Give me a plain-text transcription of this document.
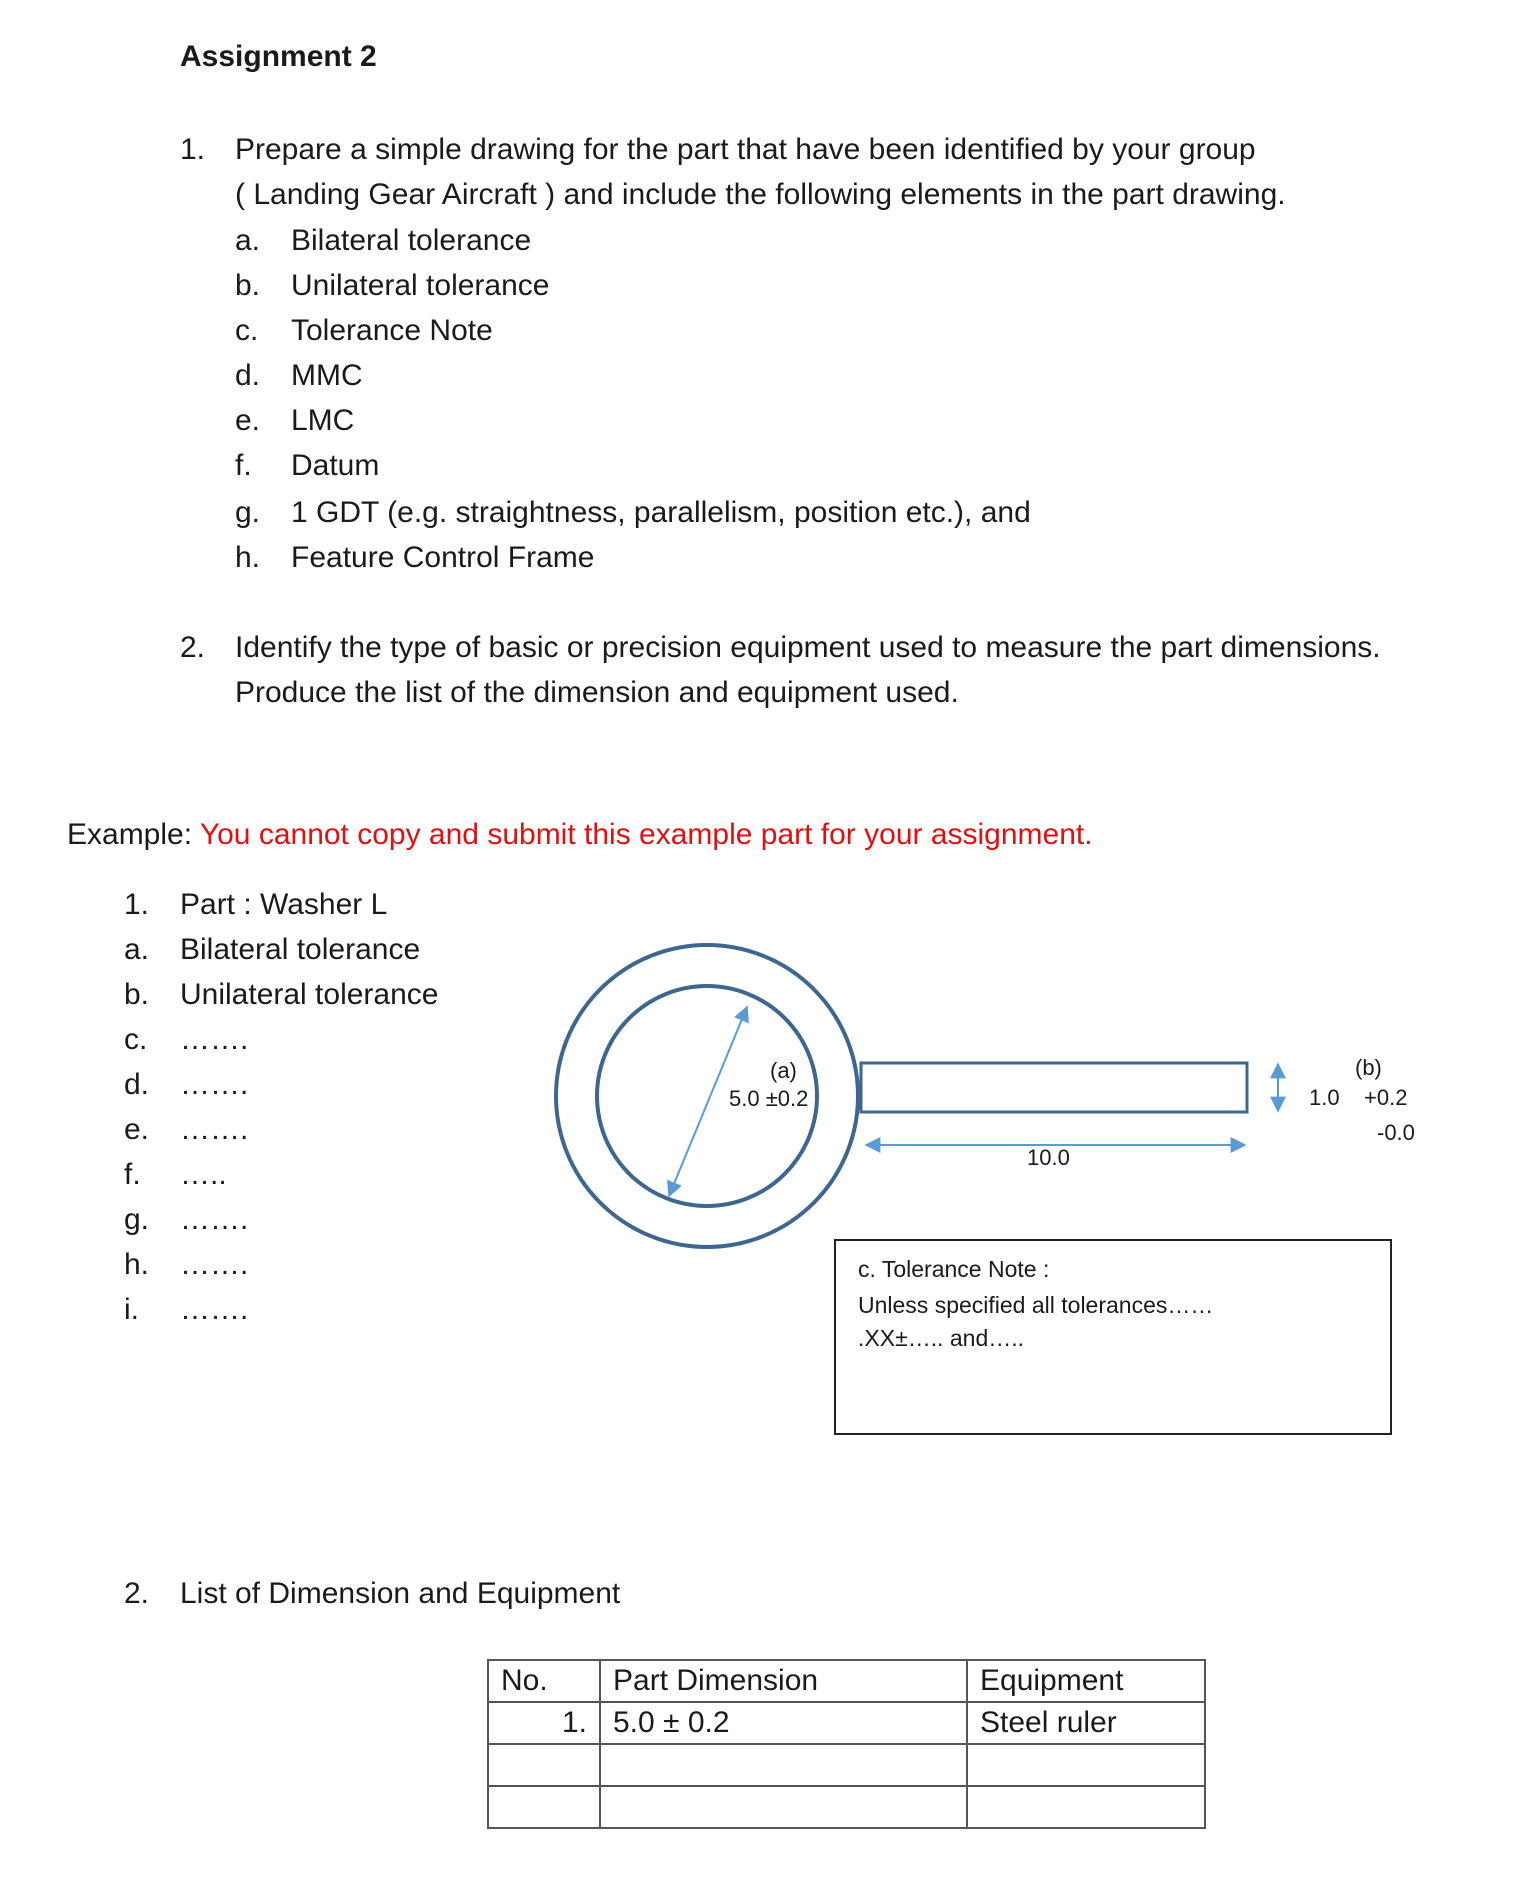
Assignment 2
1. Prepare a simple drawing for the part that have been identified by your group
( Landing Gear Aircraft ) and include the following elements in the part drawing.
a. Bilateral tolerance
b. Unilateral tolerance
c. Tolerance Note
d. MMC
e. LMC
f. Datum
g. 1 GDT (e.g. straightness, parallelism, position etc.), and
h. Feature Control Frame
2. Identify the type of basic or precision equipment used to measure the part dimensions.
Produce the list of the dimension and equipment used.
Example: You cannot copy and submit this example part for your assignment.
1. Part : Washer L
a. Bilateral tolerance
b. Unilateral tolerance
c. …….
d. …….
e. …….
f. …..
g. …….
h. …….
i. …….
(a)
5.0 ±0.2
(b)
1.0 +0.2
-0.0
10.0
c. Tolerance Note :
Unless specified all tolerances……
.XX±….. and…..
2. List of Dimension and Equipment
No.	Part Dimension	Equipment
1.	5.0 ± 0.2	Steel ruler
